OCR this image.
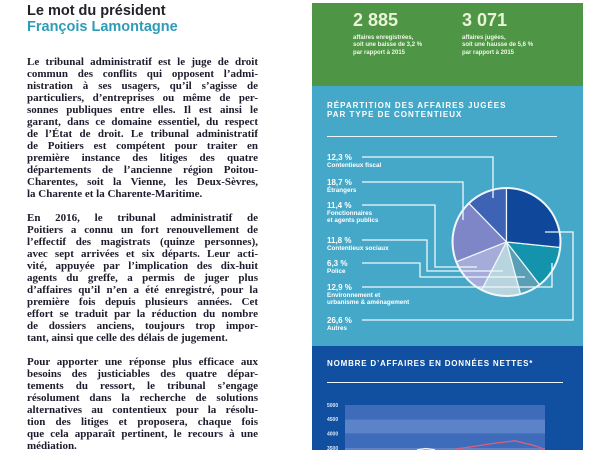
Le mot du président
François Lamontagne
Le tribunal administratif est le juge de droit
commun des conflits qui opposent l’admi-
nistration à ses usagers, qu’il s’agisse de
particuliers, d’entreprises ou même de per-
sonnes publiques entre elles. Il est ainsi le
garant, dans ce domaine essentiel, du respect
de l’État de droit. Le tribunal administratif
de Poitiers est compétent pour traiter en
première instance des litiges des quatre
départements de l’ancienne région Poitou-
Charentes, soit la Vienne, les Deux-Sèvres,
la Charente et la Charente-Maritime.
En 2016, le tribunal administratif de
Poitiers a connu un fort renouvellement de
l’effectif des magistrats (quinze personnes),
avec sept arrivées et six départs. Leur acti-
vité, appuyée par l’implication des dix-huit
agents du greffe, a permis de juger plus
d’affaires qu’il n’en a été enregistré, pour la
première fois depuis plusieurs années. Cet
effort se traduit par la réduction du nombre
de dossiers anciens, toujours trop impor-
tant, ainsi que celle des délais de jugement.
Pour apporter une réponse plus efficace aux
besoins des justiciables des quatre dépar-
tements du ressort, le tribunal s’engage
résolument dans la recherche de solutions
alternatives au contentieux pour la résolu-
tion des litiges et proposera, chaque fois
que cela apparaît pertinent, le recours à une
médiation.
2 885
affaires enregistrées,
soit une baisse de 3,2 %
par rapport à 2015
3 071
affaires jugées,
soit une hausse de 5,6 %
par rapport à 2015
RÉPARTITION DES AFFAIRES JUGÉES
PAR TYPE DE CONTENTIEUX
12,3 %
Contentieux fiscal
18,7 %
Étrangers
11,4 %
Fonctionnaires
et agents publics
11,8 %
Contentieux sociaux
6,3 %
Police
12,9 %
Environnement et
urbanisme & aménagement
26,6 %
Autres
NOMBRE D’AFFAIRES EN DONNÉES NETTES*
5000
4500
4000
3500
